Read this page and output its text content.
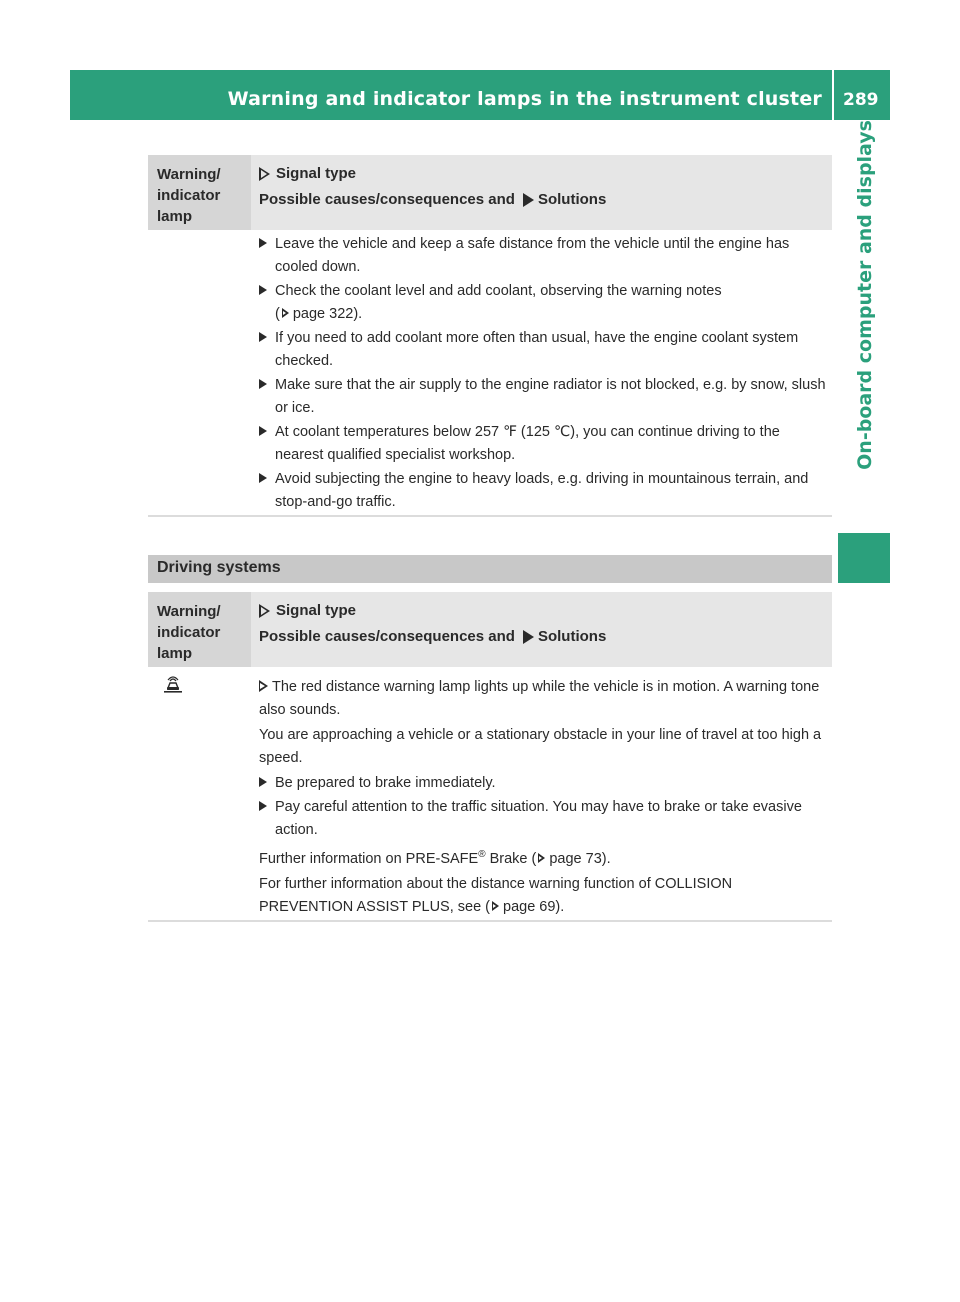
Warning and indicator lamps in the instrument cluster 289
On-board computer and displays
Warning/
indicator
lamp
Signal type
Possible causes/consequences and Solutions
Leave the vehicle and keep a safe distance from the vehicle until the engine has cooled down.
Check the coolant level and add coolant, observing the warning notes
( page 322).
If you need to add coolant more often than usual, have the engine coolant system checked.
Make sure that the air supply to the engine radiator is not blocked, e.g. by snow, slush or ice.
At coolant temperatures below 257 ℉ (125 ℃), you can continue driving to the nearest qualified specialist workshop.
Avoid subjecting the engine to heavy loads, e.g. driving in mountainous terrain, and stop-and-go traffic.
Driving systems
Warning/
indicator
lamp
Signal type
Possible causes/consequences and Solutions
The red distance warning lamp lights up while the vehicle is in motion. A warning tone also sounds.
You are approaching a vehicle or a stationary obstacle in your line of travel at too high a speed.
Be prepared to brake immediately.
Pay careful attention to the traffic situation. You may have to brake or take evasive action.
Further information on PRE-SAFE® Brake ( page 73).
For further information about the distance warning function of COLLISION PREVENTION ASSIST PLUS, see ( page 69).
